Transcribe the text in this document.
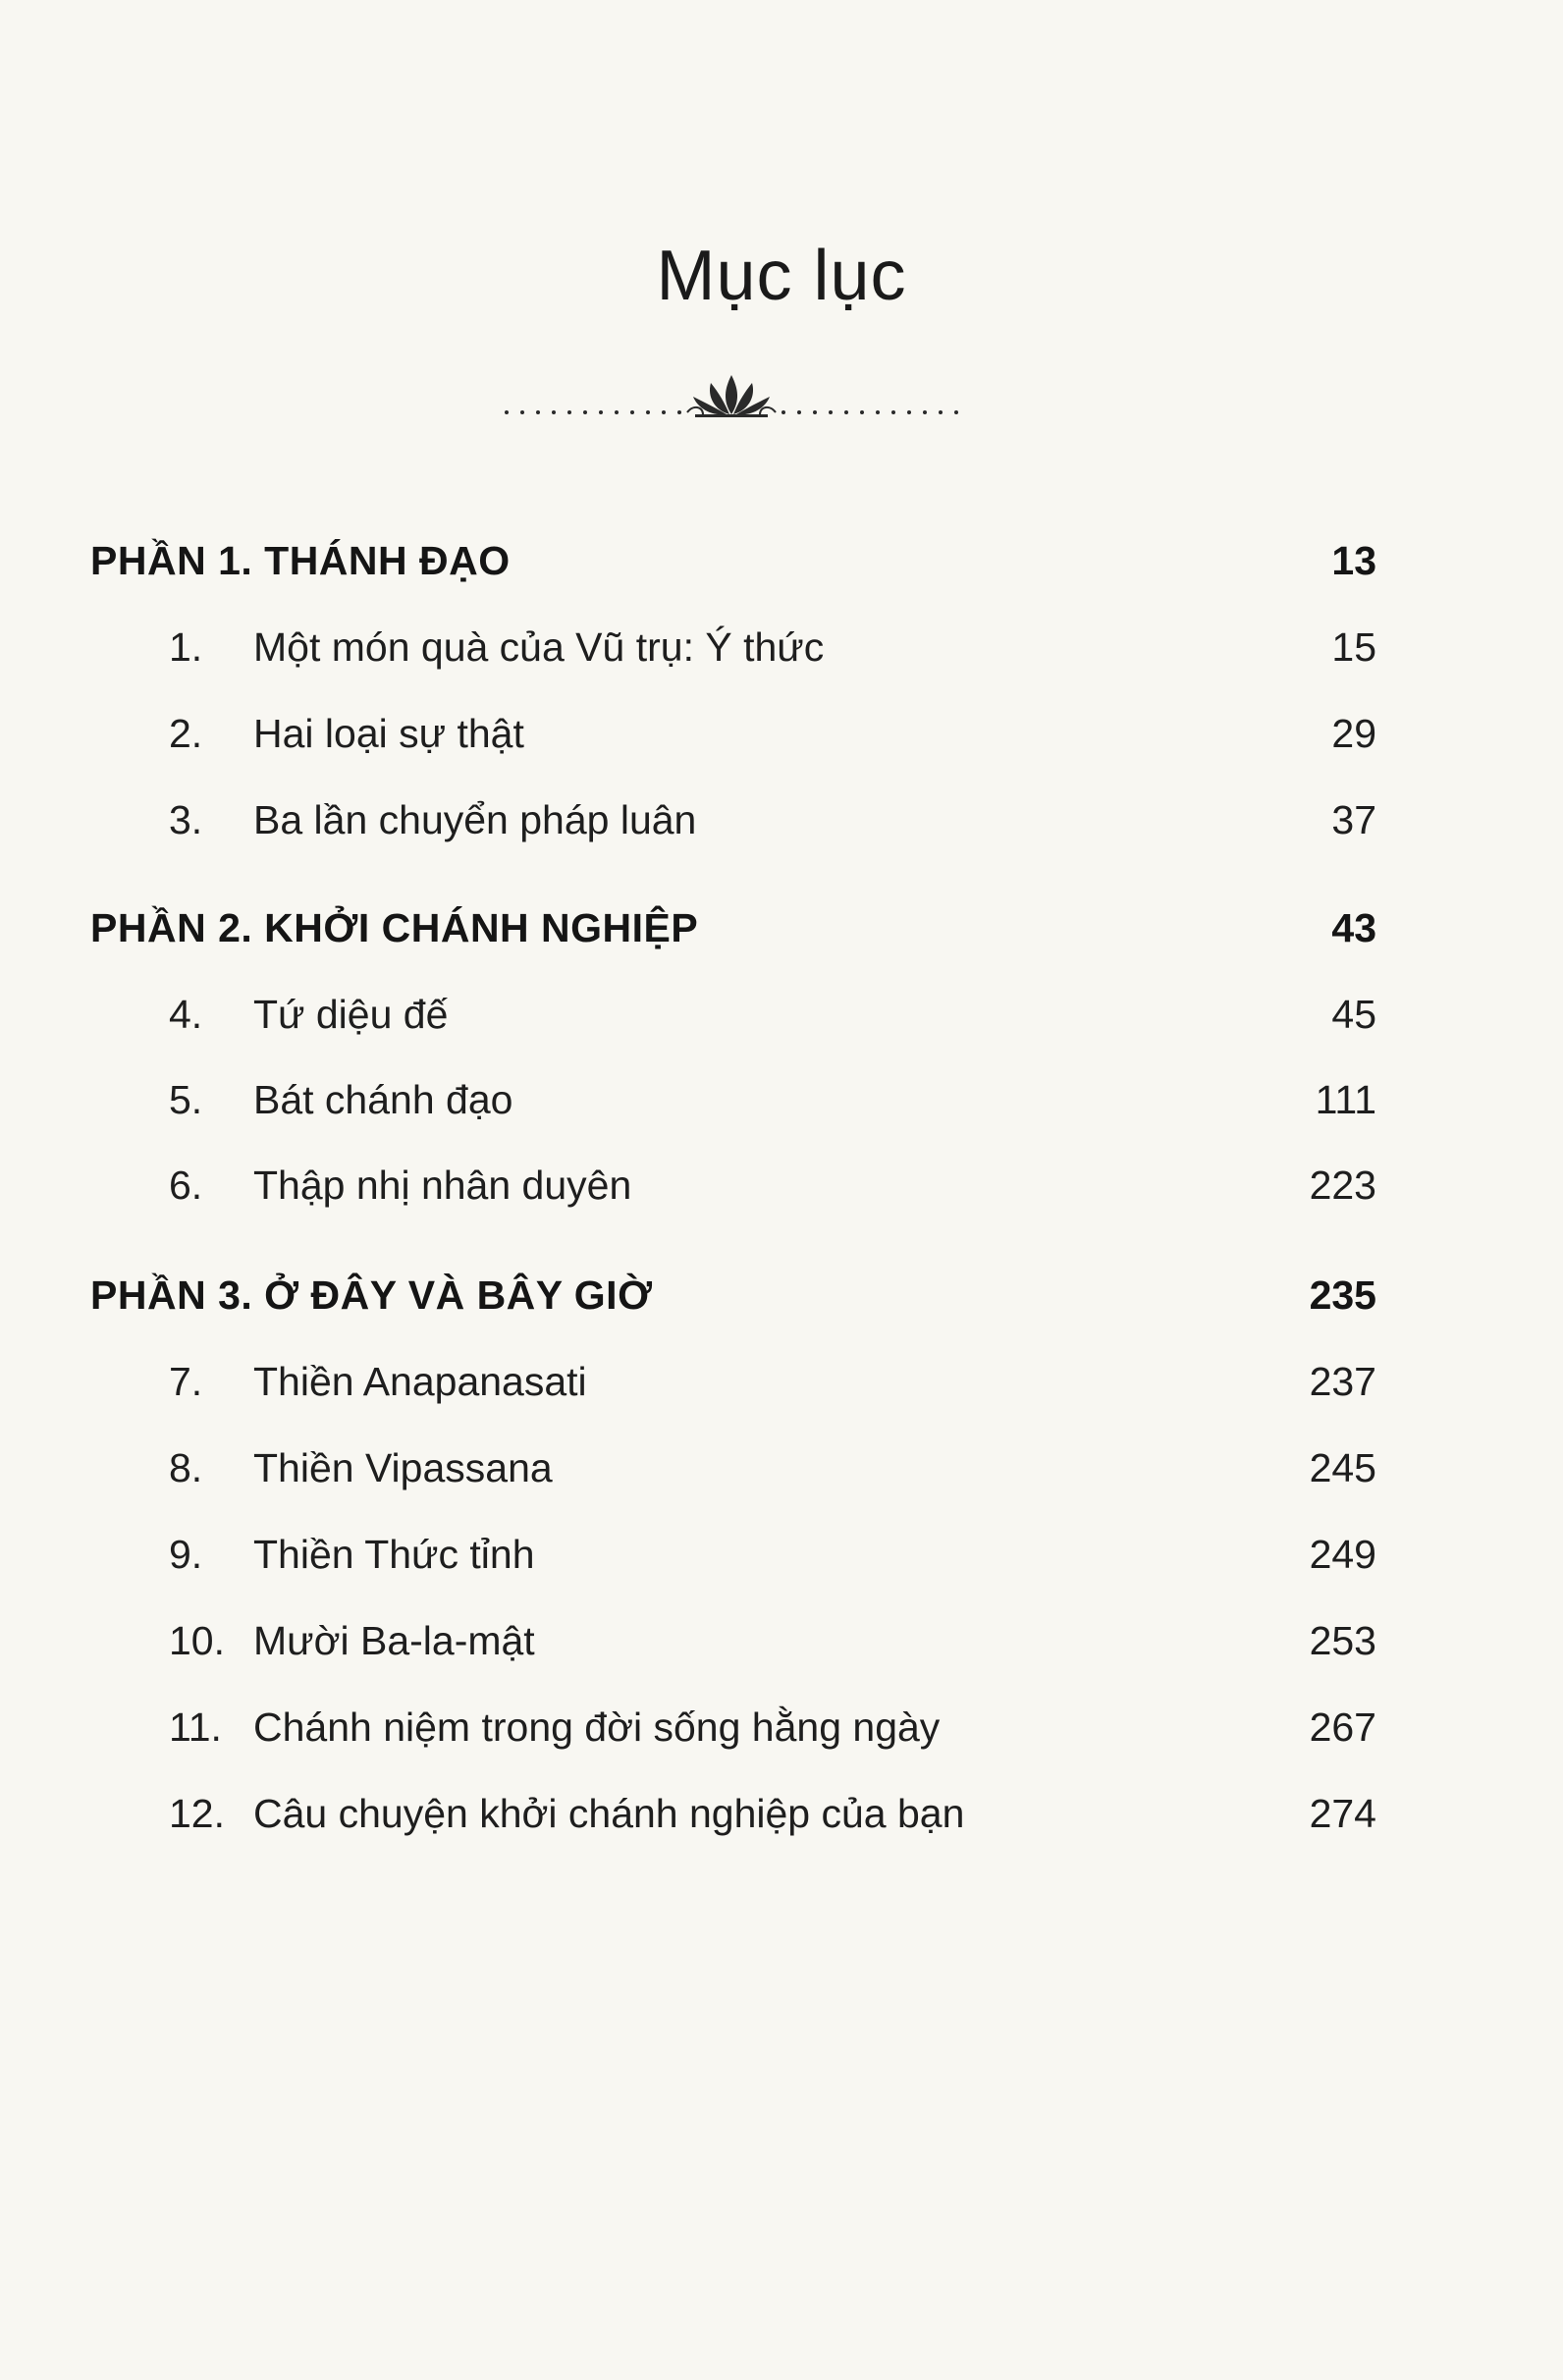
Mục lục
PHẦN 1. THÁNH ĐẠO	13
1. Một món quà của Vũ trụ: Ý thức	15
2. Hai loại sự thật	29
3. Ba lần chuyển pháp luân	37
PHẦN 2. KHỞI CHÁNH NGHIỆP	43
4. Tứ diệu đế	45
5. Bát chánh đạo	111
6. Thập nhị nhân duyên	223
PHẦN 3. Ở ĐÂY VÀ BÂY GIỜ	235
7. Thiền Anapanasati	237
8. Thiền Vipassana	245
9. Thiền Thức tỉnh	249
10. Mười Ba-la-mật	253
11. Chánh niệm trong đời sống hằng ngày	267
12. Câu chuyện khởi chánh nghiệp của bạn	274
